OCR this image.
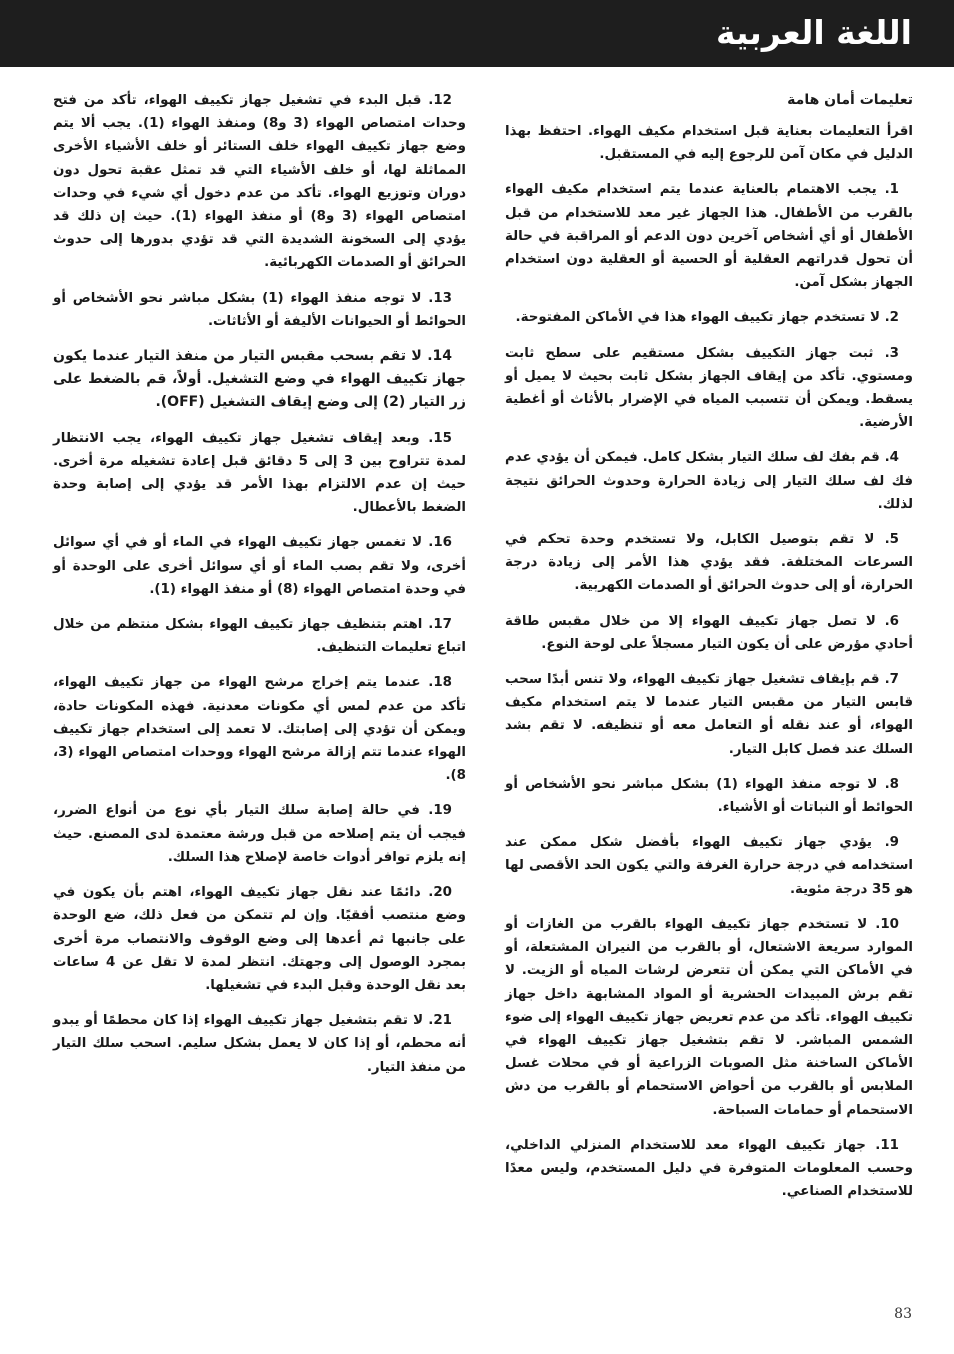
اللغة العربية
تعليمات أمان هامة

اقرأ التعليمات بعناية قبل استخدام مكيف الهواء. احتفظ بهذا الدليل في مكان آمن للرجوع إليه في المستقبل.

1. يجب الاهتمام بالعناية عندما يتم استخدام مكيف الهواء بالقرب من الأطفال. هذا الجهاز غير معد للاستخدام من قبل الأطفال أو أي أشخاص آخرين دون الدعم أو المراقبة في حالة أن تحول قدراتهم العقلية أو الحسية أو العقلية دون استخدام الجهاز بشكل آمن.

2. لا تستخدم جهاز تكييف الهواء هذا في الأماكن المفتوحة.

3. ثبت جهاز التكييف بشكل مستقيم على سطح ثابت ومستوي. تأكد من إيقاف الجهاز بشكل ثابت بحيث لا يميل أو يسقط. ويمكن أن تتسبب المياه في الإضرار بالأثاث أو أغطية الأرضية.

4. قم بفك لف سلك التيار بشكل كامل. فيمكن أن يؤدي عدم فك لف سلك التيار إلى زيادة الحرارة وحدوث الحرائق نتيجة لذلك.

5. لا تقم بتوصيل الكابل، ولا تستخدم وحدة تحكم في السرعات المختلفة. فقد يؤدي هذا الأمر إلى زيادة درجة الحرارة، أو إلى حدوث الحرائق أو الصدمات الكهربية.

6. لا تصل جهاز تكييف الهواء إلا من خلال مقبس طاقة أحادي مؤرض على أن يكون التيار مسجلاً على لوحة النوع.

7. قم بإيقاف تشغيل جهاز تكييف الهواء، ولا تنس أبدًا سحب قابس التيار من مقبس التيار عندما لا يتم استخدام مكيف الهواء، أو عند نقله أو التعامل معه أو تنظيفه. لا تقم بشد السلك عند فصل كابل التيار.

8. لا توجه منفذ الهواء (1) بشكل مباشر نحو الأشخاص أو الحوائط أو النباتات أو الأشياء.

9. يؤدي جهاز تكييف الهواء بأفضل شكل ممكن عند استخدامه في درجة حرارة الغرفة والتي يكون الحد الأقصى لها هو 35 درجة مئوية.

10. لا تستخدم جهاز تكييف الهواء بالقرب من الغازات أو الموارد سريعة الاشتعال، أو بالقرب من النيران المشتعلة، أو في الأماكن التي يمكن أن تتعرض لرشات المياه أو الزيت. لا تقم برش المبيدات الحشرية أو المواد المشابهة داخل جهاز تكييف الهواء. تأكد من عدم تعريض جهاز تكييف الهواء إلى ضوء الشمس المباشر. لا تقم بتشغيل جهاز تكييف الهواء في الأماكن الساخنة مثل الصوبات الزراعية أو في محلات غسل الملابس أو بالقرب من أحواض الاستحمام أو بالقرب من دش الاستحمام أو حمامات السباحة.

11. جهاز تكييف الهواء معد للاستخدام المنزلي الداخلي، وحسب المعلومات المتوفرة في دليل المستخدم، وليس معدًا للاستخدام الصناعي.

12. قبل البدء في تشغيل جهاز تكييف الهواء، تأكد من فتح وحدات امتصاص الهواء (3 و8) ومنفذ الهواء (1). يجب ألا يتم وضع جهاز تكييف الهواء خلف الستائر أو خلف الأشياء الأخرى المماثلة لها، أو خلف الأشياء التي قد تمثل عقبة تحول دون دوران وتوزيع الهواء. تأكد من عدم دخول أي شيء في وحدات امتصاص الهواء (3 و8) أو منفذ الهواء (1). حيث إن ذلك قد يؤدي إلى السخونة الشديدة التي قد تؤدي بدورها إلى حدوث الحرائق أو الصدمات الكهربائية.

13. لا توجه منفذ الهواء (1) بشكل مباشر نحو الأشخاص أو الحوائط أو الحيوانات الأليفة أو الأثاثات.

14. لا تقم بسحب مقبس التيار من منفذ التيار عندما يكون جهاز تكييف الهواء في وضع التشغيل. أولاً، قم بالضغط على زر التيار (2) إلى وضع إيقاف التشغيل (OFF).

15. وبعد إيقاف تشغيل جهاز تكييف الهواء، يجب الانتظار لمدة تتراوح بين 3 إلى 5 دقائق قبل إعادة تشغيله مرة أخرى. حيث إن عدم الالتزام بهذا الأمر قد يؤدي إلى إصابة وحدة الضغط بالأعطال.

16. لا تغمس جهاز تكييف الهواء في الماء أو في أي سوائل أخرى، ولا تقم بصب الماء أو أي سوائل أخرى على الوحدة أو في وحدة امتصاص الهواء (8) أو منفذ الهواء (1).

17. اهتم بتنظيف جهاز تكييف الهواء بشكل منتظم من خلال اتباع تعليمات التنظيف.

18. عندما يتم إخراج مرشح الهواء من جهاز تكييف الهواء، تأكد من عدم لمس أي مكونات معدنية. فهذه المكونات حادة، ويمكن أن تؤدي إلى إصابتك. لا تعمد إلى استخدام جهاز تكييف الهواء عندما تتم إزالة مرشح الهواء ووحدات امتصاص الهواء (3، 8).

19. في حالة إصابة سلك التيار بأي نوع من أنواع الضرر، فيجب أن يتم إصلاحه من قبل ورشة معتمدة لدى المصنع. حيث إنه يلزم توافر أدوات خاصة لإصلاح هذا السلك.

20. دائمًا عند نقل جهاز تكييف الهواء، اهتم بأن يكون في وضع منتصب أفقيًا. وإن لم تتمكن من فعل ذلك، ضع الوحدة على جانبها ثم أعدها إلى وضع الوقوف والانتصاب مرة أخرى بمجرد الوصول إلى وجهتك. انتظر لمدة لا تقل عن 4 ساعات بعد نقل الوحدة وقبل البدء في تشغيلها.

21. لا تقم بتشغيل جهاز تكييف الهواء إذا كان محطمًا أو يبدو أنه محطم، أو إذا كان لا يعمل بشكل سليم. اسحب سلك التيار من منفذ التيار.

83
